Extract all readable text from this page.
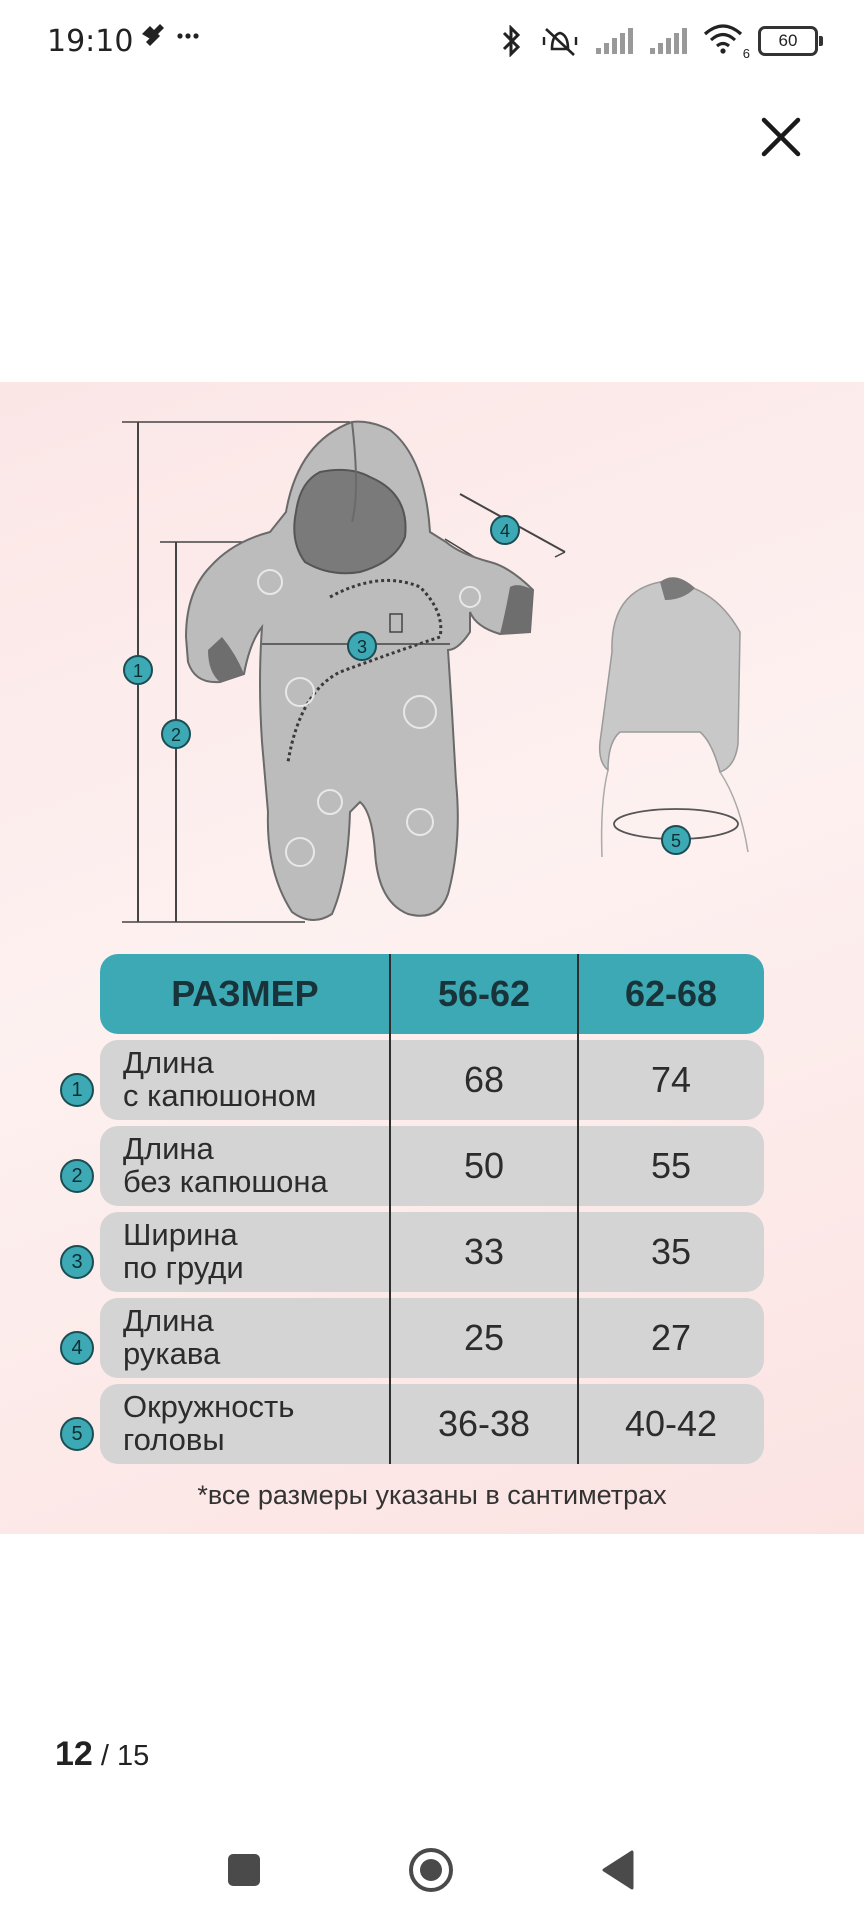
19:10	6
60
1
2
3
4
5
РАЗМЕР	56-62	62-68
1
Длина
с капюшоном	68	74
2
Длина
без капюшона	50	55
3
Ширина
по груди	33	35
4
Длина
рукава	25	27
5
Окружность
головы	36-38	40-42
*все размеры указаны в сантиметрах
12 / 15
